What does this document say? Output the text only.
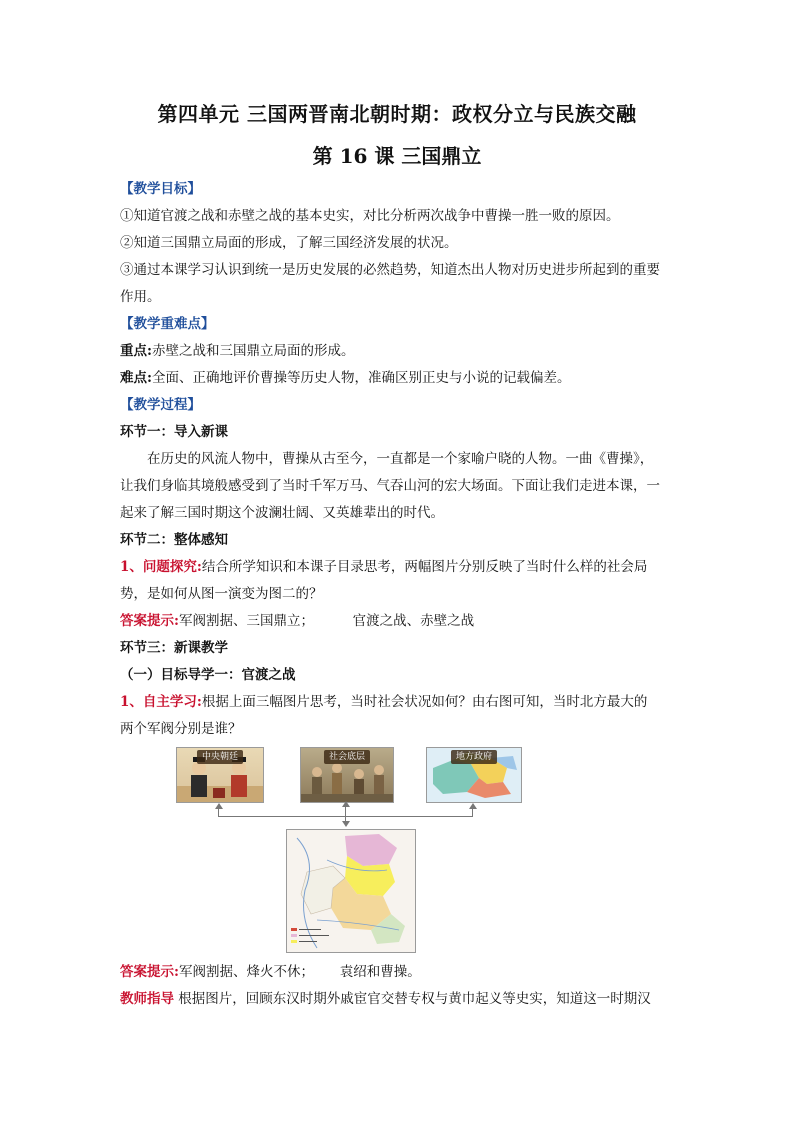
第四单元 三国两晋南北朝时期：政权分立与民族交融
第 16 课 三国鼎立
【教学目标】
①知道官渡之战和赤壁之战的基本史实，对比分析两次战争中曹操一胜一败的原因。
②知道三国鼎立局面的形成，了解三国经济发展的状况。
③通过本课学习认识到统一是历史发展的必然趋势，知道杰出人物对历史进步所起到的重要
作用。
【教学重难点】
重点:赤壁之战和三国鼎立局面的形成。
难点:全面、正确地评价曹操等历史人物，准确区别正史与小说的记载偏差。
【教学过程】
环节一：导入新课
在历史的风流人物中，曹操从古至今，一直都是一个家喻户晓的人物。一曲《曹操》，
让我们身临其境般感受到了当时千军万马、气吞山河的宏大场面。下面让我们走进本课，一
起来了解三国时期这个波澜壮阔、又英雄辈出的时代。
环节二：整体感知
1、问题探究:结合所学知识和本课子目录思考，两幅图片分别反映了当时什么样的社会局
势，是如何从图一演变为图二的？
答案提示:军阀割据、三国鼎立；         官渡之战、赤壁之战
环节三：新课教学
（一）目标导学一：官渡之战
1、自主学习:根据上面三幅图片思考，当时社会状况如何？由右图可知，当时北方最大的
两个军阀分别是谁？
中央朝廷	社会底层	地方政府
答案提示:军阀割据、烽火不休；      袁绍和曹操。
教师指导 根据图片，回顾东汉时期外戚宦官交替专权与黄巾起义等史实，知道这一时期汉
